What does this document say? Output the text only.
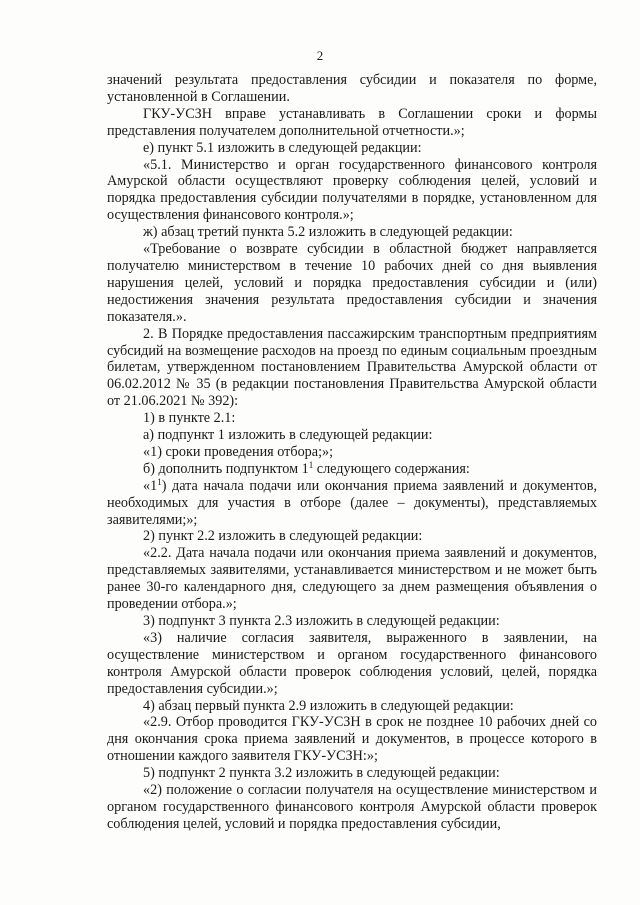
2

значений результата предоставления субсидии и показателя по форме, установленной в Соглашении.

ГКУ-УСЗН вправе устанавливать в Соглашении сроки и формы представления получателем дополнительной отчетности.»;

е) пункт 5.1 изложить в следующей редакции:

«5.1. Министерство и орган государственного финансового контроля Амурской области осуществляют проверку соблюдения целей, условий и порядка предоставления субсидии получателями в порядке, установленном для осуществления финансового контроля.»;

ж) абзац третий пункта 5.2 изложить в следующей редакции:

«Требование о возврате субсидии в областной бюджет направляется получателю министерством в течение 10 рабочих дней со дня выявления нарушения целей, условий и порядка предоставления субсидии и (или) недостижения значения результата предоставления субсидии и значения показателя.».

2. В Порядке предоставления пассажирским транспортным предприятиям субсидий на возмещение расходов на проезд по единым социальным проездным билетам, утвержденном постановлением Правительства Амурской области от 06.02.2012 № 35 (в редакции постановления Правительства Амурской области от 21.06.2021 № 392):

1) в пункте 2.1:

а) подпункт 1 изложить в следующей редакции:

«1) сроки проведения отбора;»;

б) дополнить подпунктом $1^1$ следующего содержания:

«$1^1$) дата начала подачи или окончания приема заявлений и документов, необходимых для участия в отборе (далее – документы), представляемых заявителями;»;

2) пункт 2.2 изложить в следующей редакции:

«2.2. Дата начала подачи или окончания приема заявлений и документов, представляемых заявителями, устанавливается министерством и не может быть ранее 30-го календарного дня, следующего за днем размещения объявления о проведении отбора.»;

3) подпункт 3 пункта 2.3 изложить в следующей редакции:

«3) наличие согласия заявителя, выраженного в заявлении, на осуществление министерством и органом государственного финансового контроля Амурской области проверок соблюдения условий, целей, порядка предоставления субсидии.»;

4) абзац первый пункта 2.9 изложить в следующей редакции:

«2.9. Отбор проводится ГКУ-УСЗН в срок не позднее 10 рабочих дней со дня окончания срока приема заявлений и документов, в процессе которого в отношении каждого заявителя ГКУ-УСЗН:»;

5) подпункт 2 пункта 3.2 изложить в следующей редакции:

«2) положение о согласии получателя на осуществление министерством и органом государственного финансового контроля Амурской области проверок соблюдения целей, условий и порядка предоставления субсидии,
